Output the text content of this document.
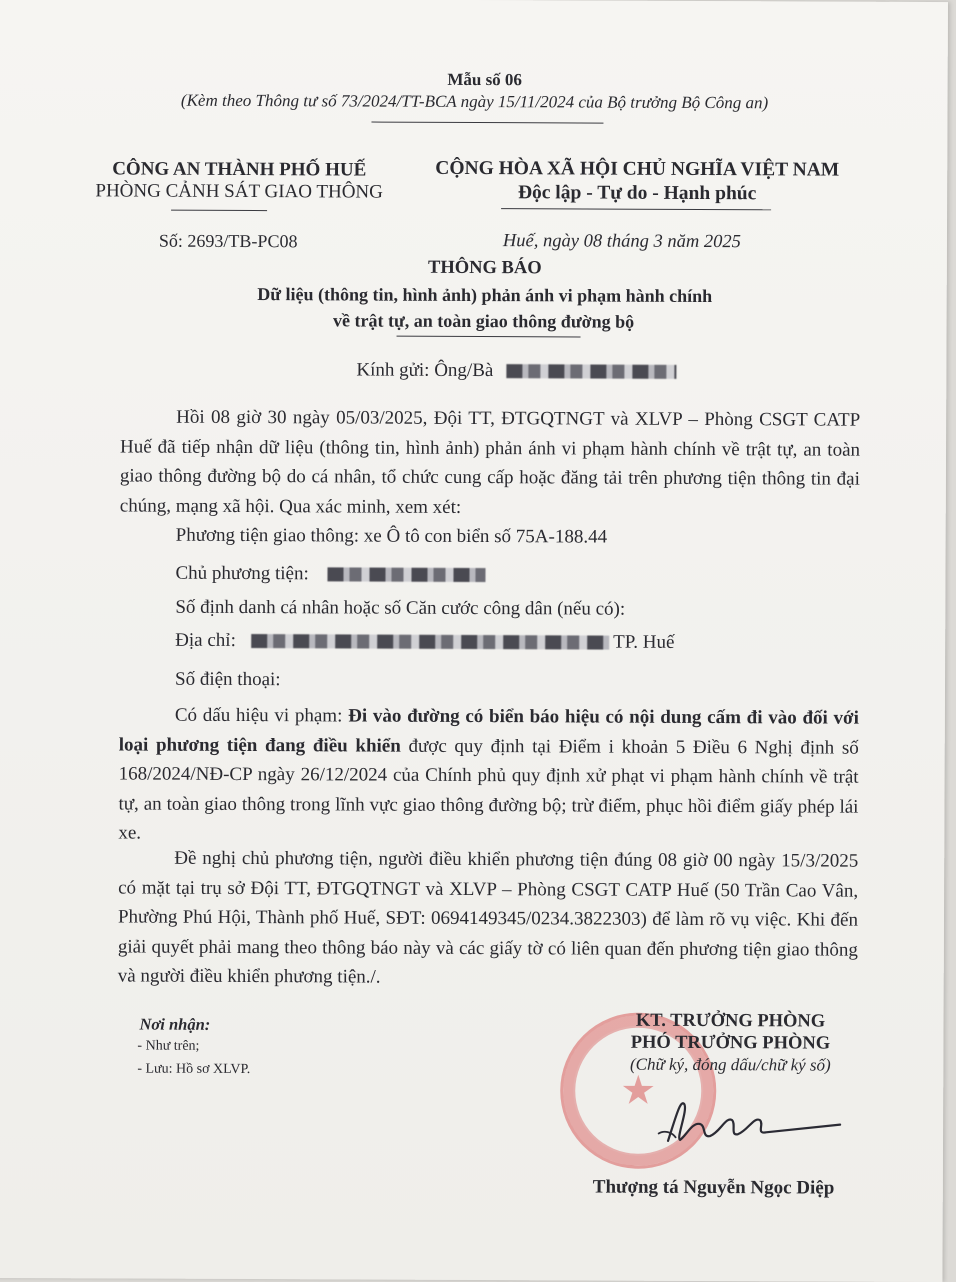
Mẫu số 06
(Kèm theo Thông tư số 73/2024/TT-BCA ngày 15/11/2024 của Bộ trưởng Bộ Công an)
CÔNG AN THÀNH PHỐ HUẾ
PHÒNG CẢNH SÁT GIAO THÔNG
CỘNG HÒA XÃ HỘI CHỦ NGHĨA VIỆT NAM
Độc lập - Tự do - Hạnh phúc
Số: 2693/TB-PC08	Huế, ngày 08 tháng 3 năm 2025
THÔNG BÁO
Dữ liệu (thông tin, hình ảnh) phản ánh vi phạm hành chính
về trật tự, an toàn giao thông đường bộ
Kính gửi: Ông/Bà
Hồi 08 giờ 30 ngày 05/03/2025, Đội TT, ĐTGQTNGT và XLVP – Phòng CSGT CATP Huế đã tiếp nhận dữ liệu (thông tin, hình ảnh) phản ánh vi phạm hành chính về trật tự, an toàn giao thông đường bộ do cá nhân, tổ chức cung cấp hoặc đăng tải trên phương tiện thông tin đại chúng, mạng xã hội. Qua xác minh, xem xét:
Phương tiện giao thông: xe Ô tô con biển số 75A-188.44
Chủ phương tiện:
Số định danh cá nhân hoặc số Căn cước công dân (nếu có):
Địa chỉ:	TP. Huế
Số điện thoại:
Có dấu hiệu vi phạm: Đi vào đường có biển báo hiệu có nội dung cấm đi vào đối với loại phương tiện đang điều khiển được quy định tại Điểm i khoản 5 Điều 6 Nghị định số 168/2024/NĐ-CP ngày 26/12/2024 của Chính phủ quy định xử phạt vi phạm hành chính về trật tự, an toàn giao thông trong lĩnh vực giao thông đường bộ; trừ điểm, phục hồi điểm giấy phép lái xe.
Đề nghị chủ phương tiện, người điều khiển phương tiện đúng 08 giờ 00 ngày 15/3/2025 có mặt tại trụ sở Đội TT, ĐTGQTNGT và XLVP – Phòng CSGT CATP Huế (50 Trần Cao Vân, Phường Phú Hội, Thành phố Huế, SĐT: 0694149345/0234.3822303) để làm rõ vụ việc. Khi đến giải quyết phải mang theo thông báo này và các giấy tờ có liên quan đến phương tiện giao thông và người điều khiển phương tiện./.
Nơi nhận:
- Như trên;
- Lưu: Hồ sơ XLVP.	★
KT. TRƯỞNG PHÒNG
PHÓ TRƯỞNG PHÒNG
(Chữ ký, đóng dấu/chữ ký số)
Thượng tá Nguyễn Ngọc Diệp
